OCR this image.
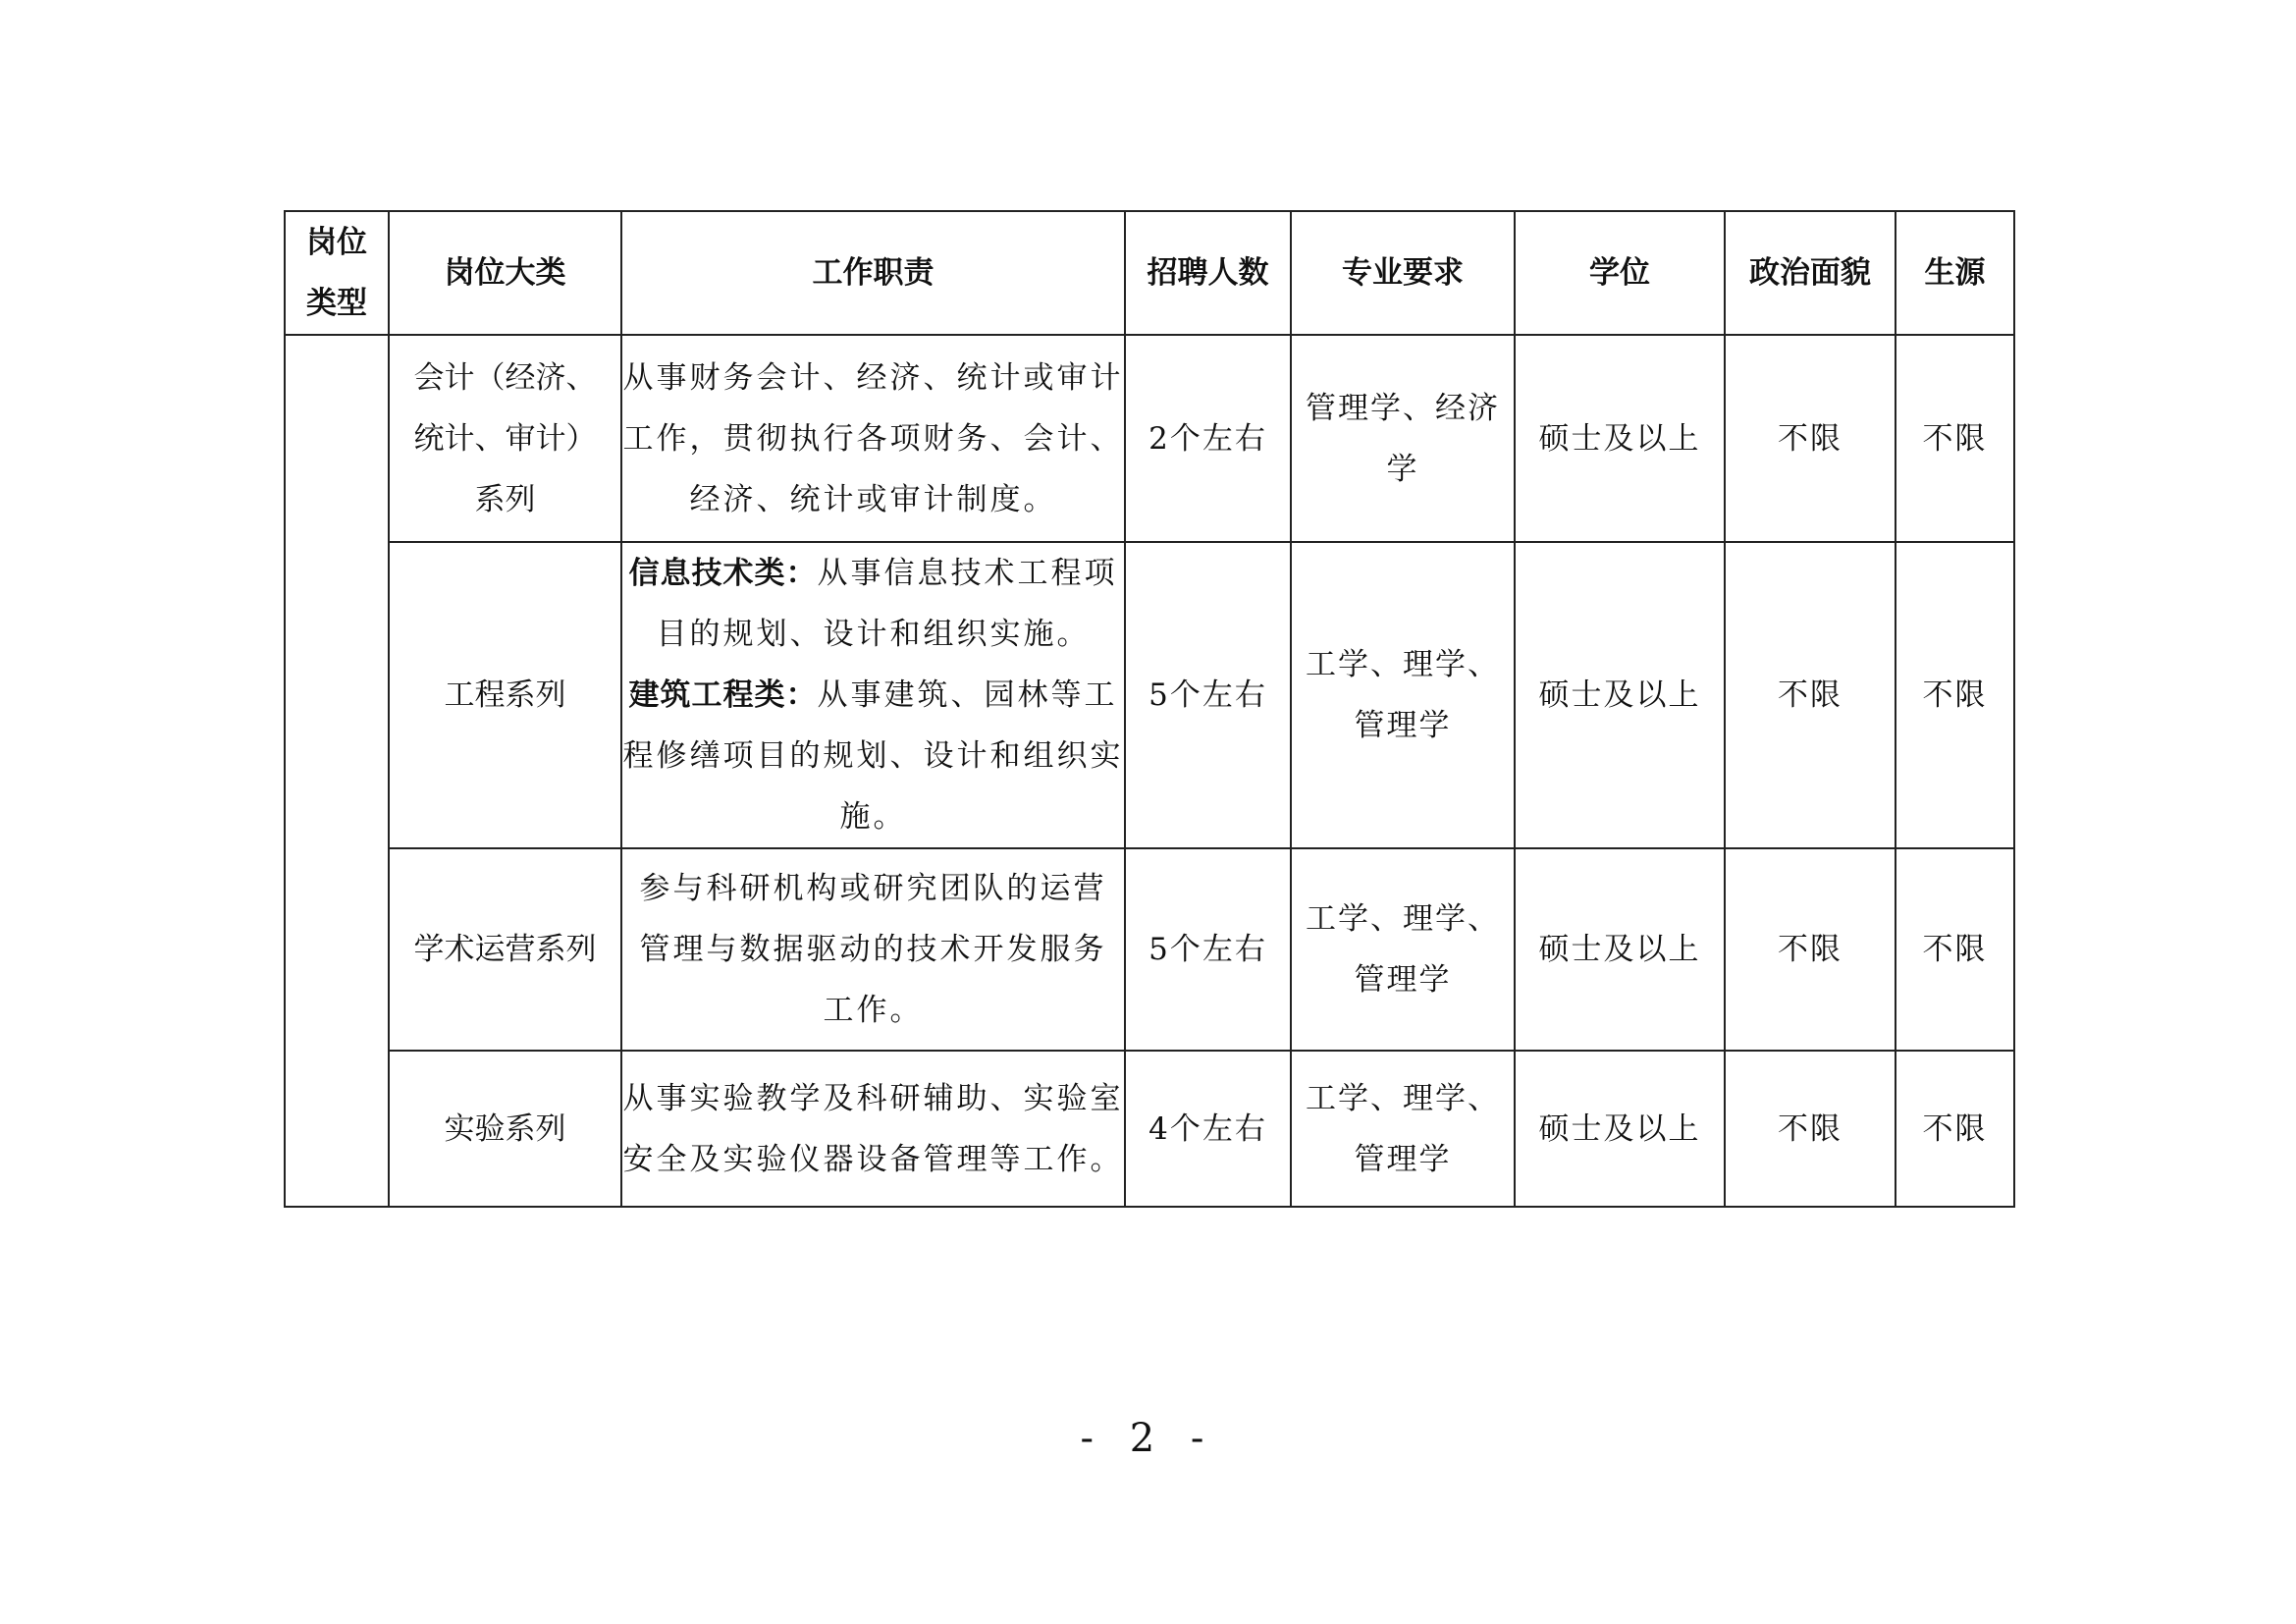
岗位
类型	岗位大类	工作职责	招聘人数	专业要求	学位	政治面貌	生源

	会计（经济、
统计、审计）
系列	从事财务会计、经济、统计或审计
工作，贯彻执行各项财务、会计、
经济、统计或审计制度。	2个左右	管理学、经济
学	硕士及以上	不限	不限

	工程系列	信息技术类：从事信息技术工程项
目的规划、设计和组织实施。
建筑工程类：从事建筑、园林等工
程修缮项目的规划、设计和组织实
施。	5个左右	工学、理学、
管理学	硕士及以上	不限	不限

	学术运营系列	参与科研机构或研究团队的运营
管理与数据驱动的技术开发服务
工作。	5个左右	工学、理学、
管理学	硕士及以上	不限	不限

	实验系列	从事实验教学及科研辅助、实验室
安全及实验仪器设备管理等工作。	4个左右	工学、理学、
管理学	硕士及以上	不限	不限
- 2 -
